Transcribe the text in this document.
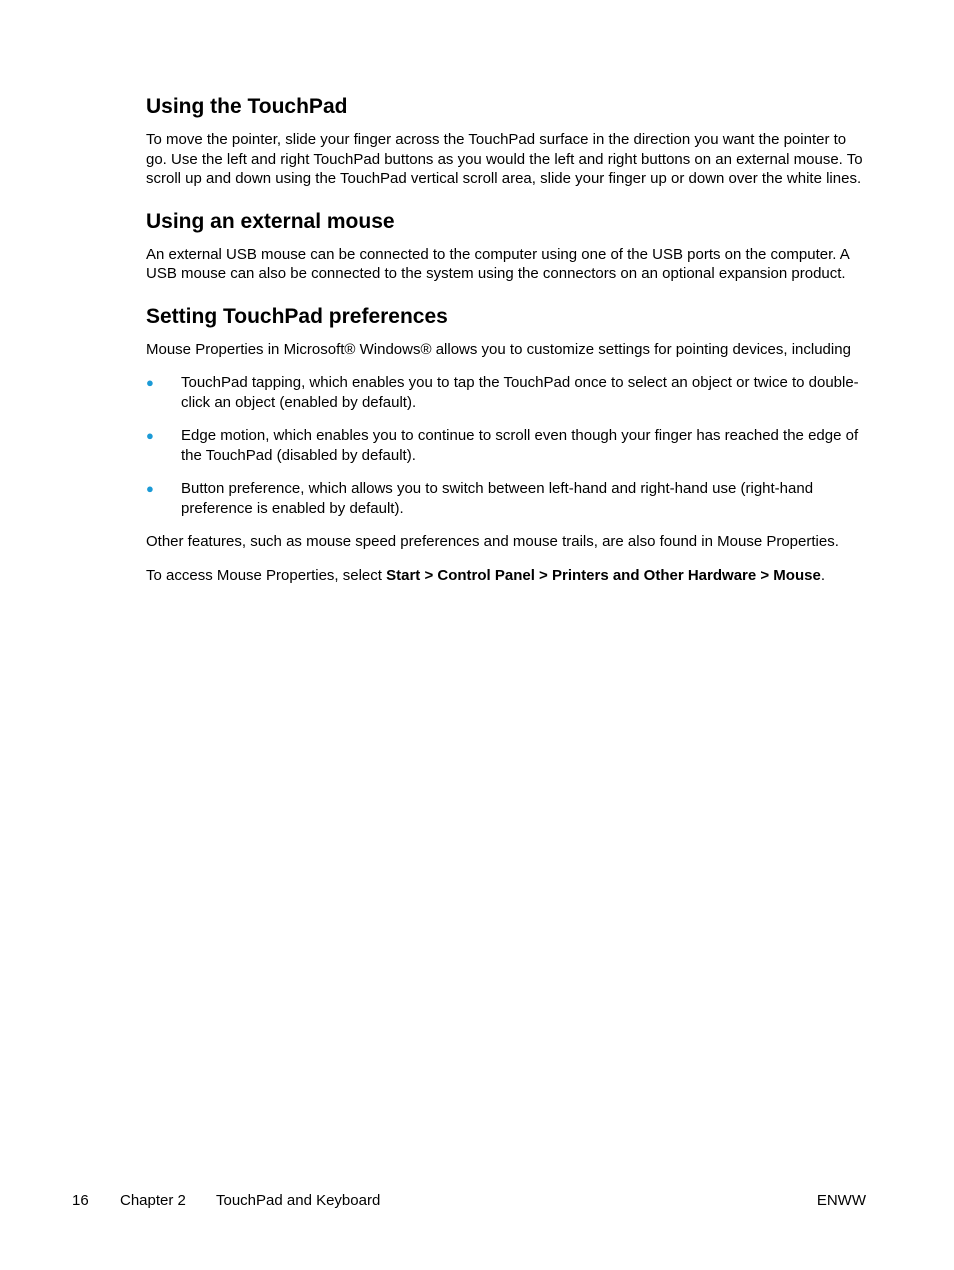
Using the TouchPad

To move the pointer, slide your finger across the TouchPad surface in the direction you want the pointer to go. Use the left and right TouchPad buttons as you would the left and right buttons on an external mouse. To scroll up and down using the TouchPad vertical scroll area, slide your finger up or down over the white lines.

Using an external mouse

An external USB mouse can be connected to the computer using one of the USB ports on the computer. A USB mouse can also be connected to the system using the connectors on an optional expansion product.

Setting TouchPad preferences

Mouse Properties in Microsoft® Windows® allows you to customize settings for pointing devices, including

● TouchPad tapping, which enables you to tap the TouchPad once to select an object or twice to double-click an object (enabled by default).
● Edge motion, which enables you to continue to scroll even though your finger has reached the edge of the TouchPad (disabled by default).
● Button preference, which allows you to switch between left-hand and right-hand use (right-hand preference is enabled by default).

Other features, such as mouse speed preferences and mouse trails, are also found in Mouse Properties.

To access Mouse Properties, select Start > Control Panel > Printers and Other Hardware > Mouse.

16 Chapter 2 TouchPad and Keyboard	ENWW
